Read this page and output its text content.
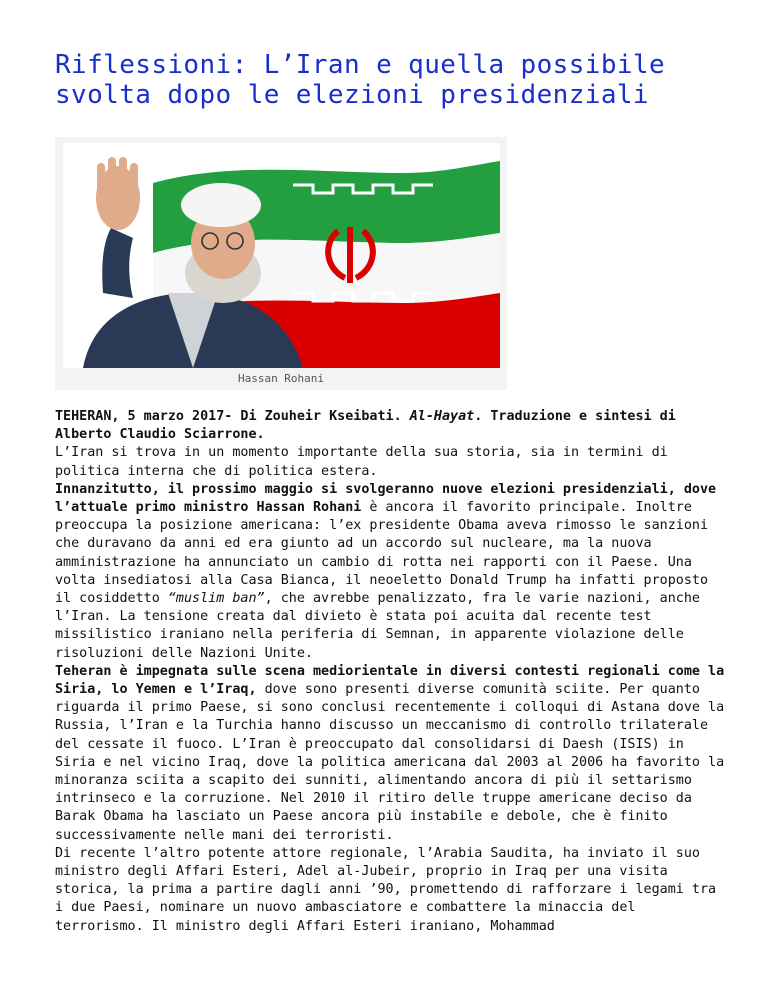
Riflessioni: L’Iran e quella possibile svolta dopo le elezioni presidenziali
Hassan Rohani

TEHERAN, 5 marzo 2017- Di Zouheir Kseibati. Al-Hayat. Traduzione e sintesi di Alberto Claudio Sciarrone.

L’Iran si trova in un momento importante della sua storia, sia in termini di politica interna che di politica estera.

Innanzitutto, il prossimo maggio si svolgeranno nuove elezioni presidenziali, dove l’attuale primo ministro Hassan Rohani è ancora il favorito principale. Inoltre preoccupa la posizione americana: l’ex presidente Obama aveva rimosso le sanzioni che duravano da anni ed era giunto ad un accordo sul nucleare, ma la nuova amministrazione ha annunciato un cambio di rotta nei rapporti con il Paese. Una volta insediatosi alla Casa Bianca, il neoeletto Donald Trump ha infatti proposto il cosiddetto “muslim ban”, che avrebbe penalizzato, fra le varie nazioni, anche l’Iran. La tensione creata dal divieto è stata poi acuita dal recente test missilistico iraniano nella periferia di Semnan, in apparente violazione delle risoluzioni delle Nazioni Unite.

Teheran è impegnata sulle scena mediorientale in diversi contesti regionali come la Siria, lo Yemen e l’Iraq, dove sono presenti diverse comunità sciite. Per quanto riguarda il primo Paese, si sono conclusi recentemente i colloqui di Astana dove la Russia, l’Iran e la Turchia hanno discusso un meccanismo di controllo trilaterale del cessate il fuoco. L’Iran è preoccupato dal consolidarsi di Daesh (ISIS) in Siria e nel vicino Iraq, dove la politica americana dal 2003 al 2006 ha favorito la minoranza sciita a scapito dei sunniti, alimentando ancora di più il settarismo intrinseco e la corruzione. Nel 2010 il ritiro delle truppe americane deciso da Barak Obama ha lasciato un Paese ancora più instabile e debole, che è finito successivamente nelle mani dei terroristi.

Di recente l’altro potente attore regionale, l’Arabia Saudita, ha inviato il suo ministro degli Affari Esteri, Adel al-Jubeir, proprio in Iraq per una visita storica, la prima a partire dagli anni ’90, promettendo di rafforzare i legami tra i due Paesi, nominare un nuovo ambasciatore e combattere la minaccia del terrorismo. Il ministro degli Affari Esteri iraniano, Mohammad
